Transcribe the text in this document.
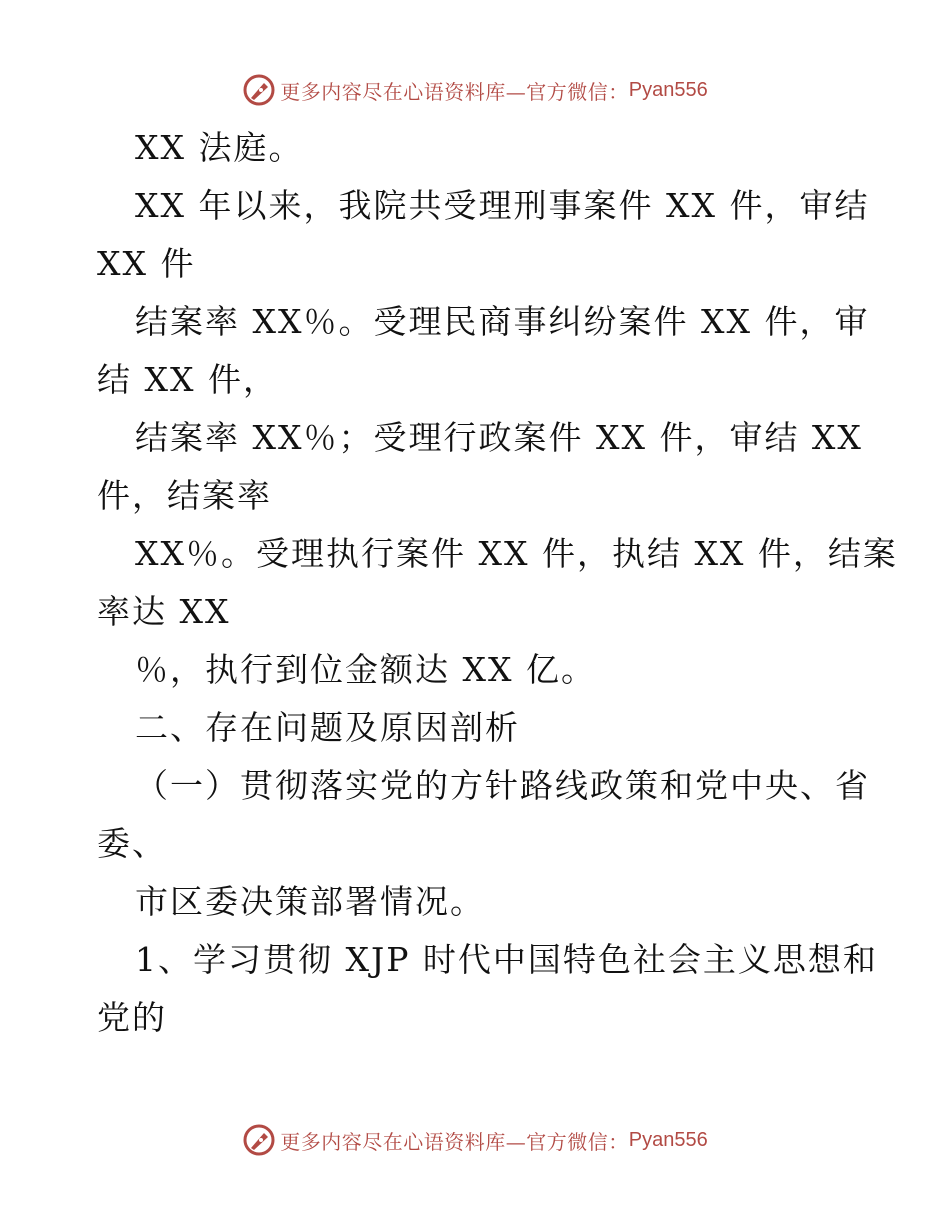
更多内容尽在心语资料库—官方微信： Pyan556
XX 法庭。
XX 年以来，我院共受理刑事案件 XX 件，审结
XX 件
结案率 XX％。受理民商事纠纷案件 XX 件，审
结 XX 件，
结案率 XX％；受理行政案件 XX 件，审结 XX
件，结案率
XX％。受理执行案件 XX 件，执结 XX 件，结案
率达 XX
％，执行到位金额达 XX 亿。
二、存在问题及原因剖析
（一）贯彻落实党的方针路线政策和党中央、省
委、
市区委决策部署情况。
1、学习贯彻 XJP 时代中国特色社会主义思想和
党的
更多内容尽在心语资料库—官方微信： Pyan556
